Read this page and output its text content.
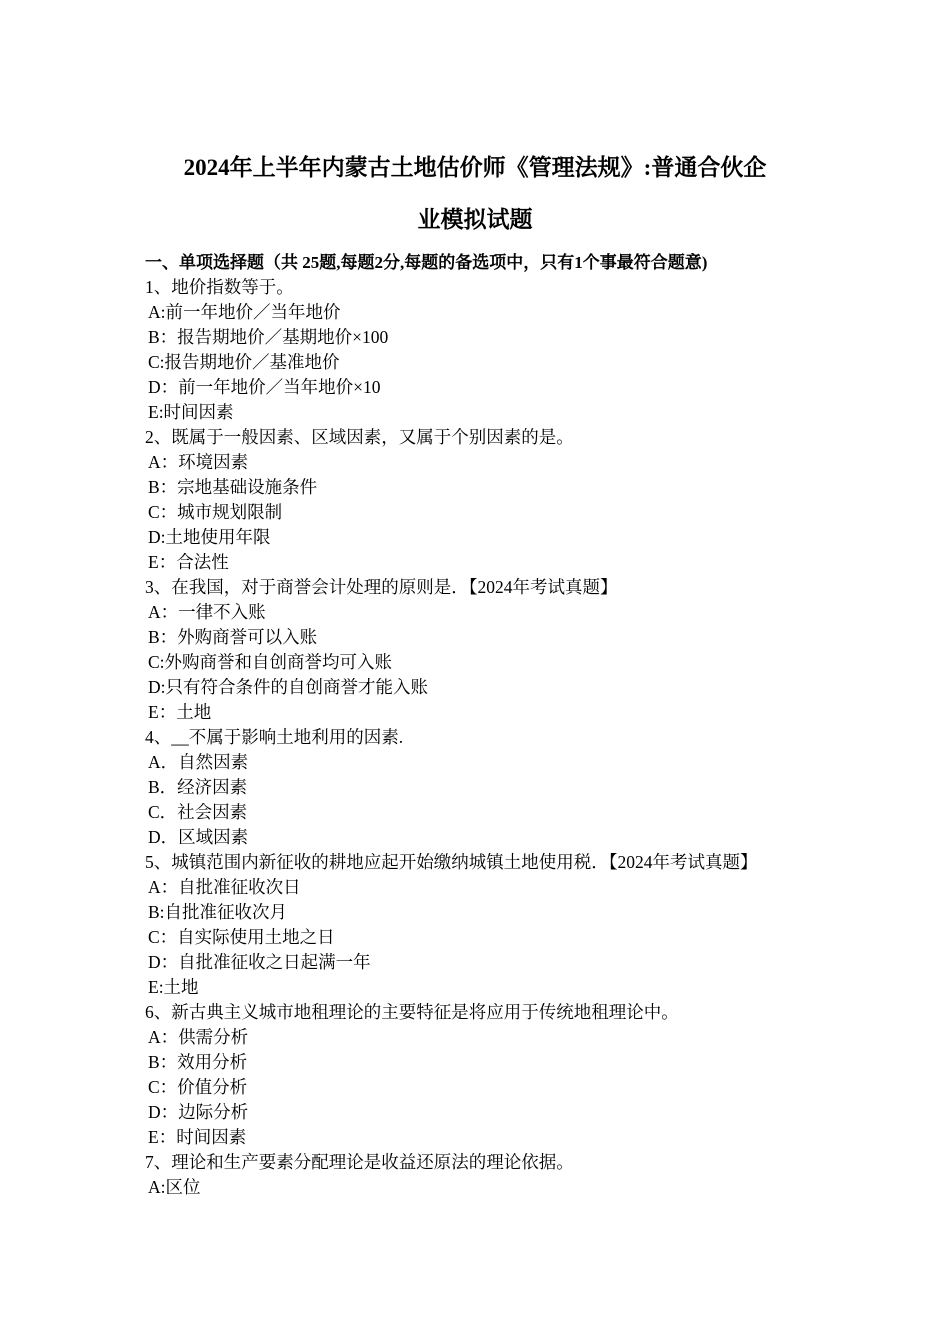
2024年上半年内蒙古土地估价师《管理法规》:普通合伙企
业模拟试题
一、单项选择题（共 25题,每题2分,每题的备选项中，只有1个事最符合题意)
1、地价指数等于。
A:前一年地价／当年地价
B：报告期地价／基期地价×100
C:报告期地价／基准地价
D：前一年地价／当年地价×10
E:时间因素
2、既属于一般因素、区域因素，又属于个别因素的是。
A：环境因素
B：宗地基础设施条件
C：城市规划限制
D:土地使用年限
E：合法性
3、在我国，对于商誉会计处理的原则是．【2024年考试真题】
A：一律不入账
B：外购商誉可以入账
C:外购商誉和自创商誉均可入账
D:只有符合条件的自创商誉才能入账
E：土地
4、__不属于影响土地利用的因素.
A．自然因素
B．经济因素
C．社会因素
D．区域因素
5、城镇范围内新征收的耕地应起开始缴纳城镇土地使用税．【2024年考试真题】
A：自批准征收次日
B:自批准征收次月
C：自实际使用土地之日
D：自批准征收之日起满一年
E:土地
6、新古典主义城市地租理论的主要特征是将应用于传统地租理论中。
A：供需分析
B：效用分析
C：价值分析
D：边际分析
E：时间因素
7、理论和生产要素分配理论是收益还原法的理论依据。
A:区位
